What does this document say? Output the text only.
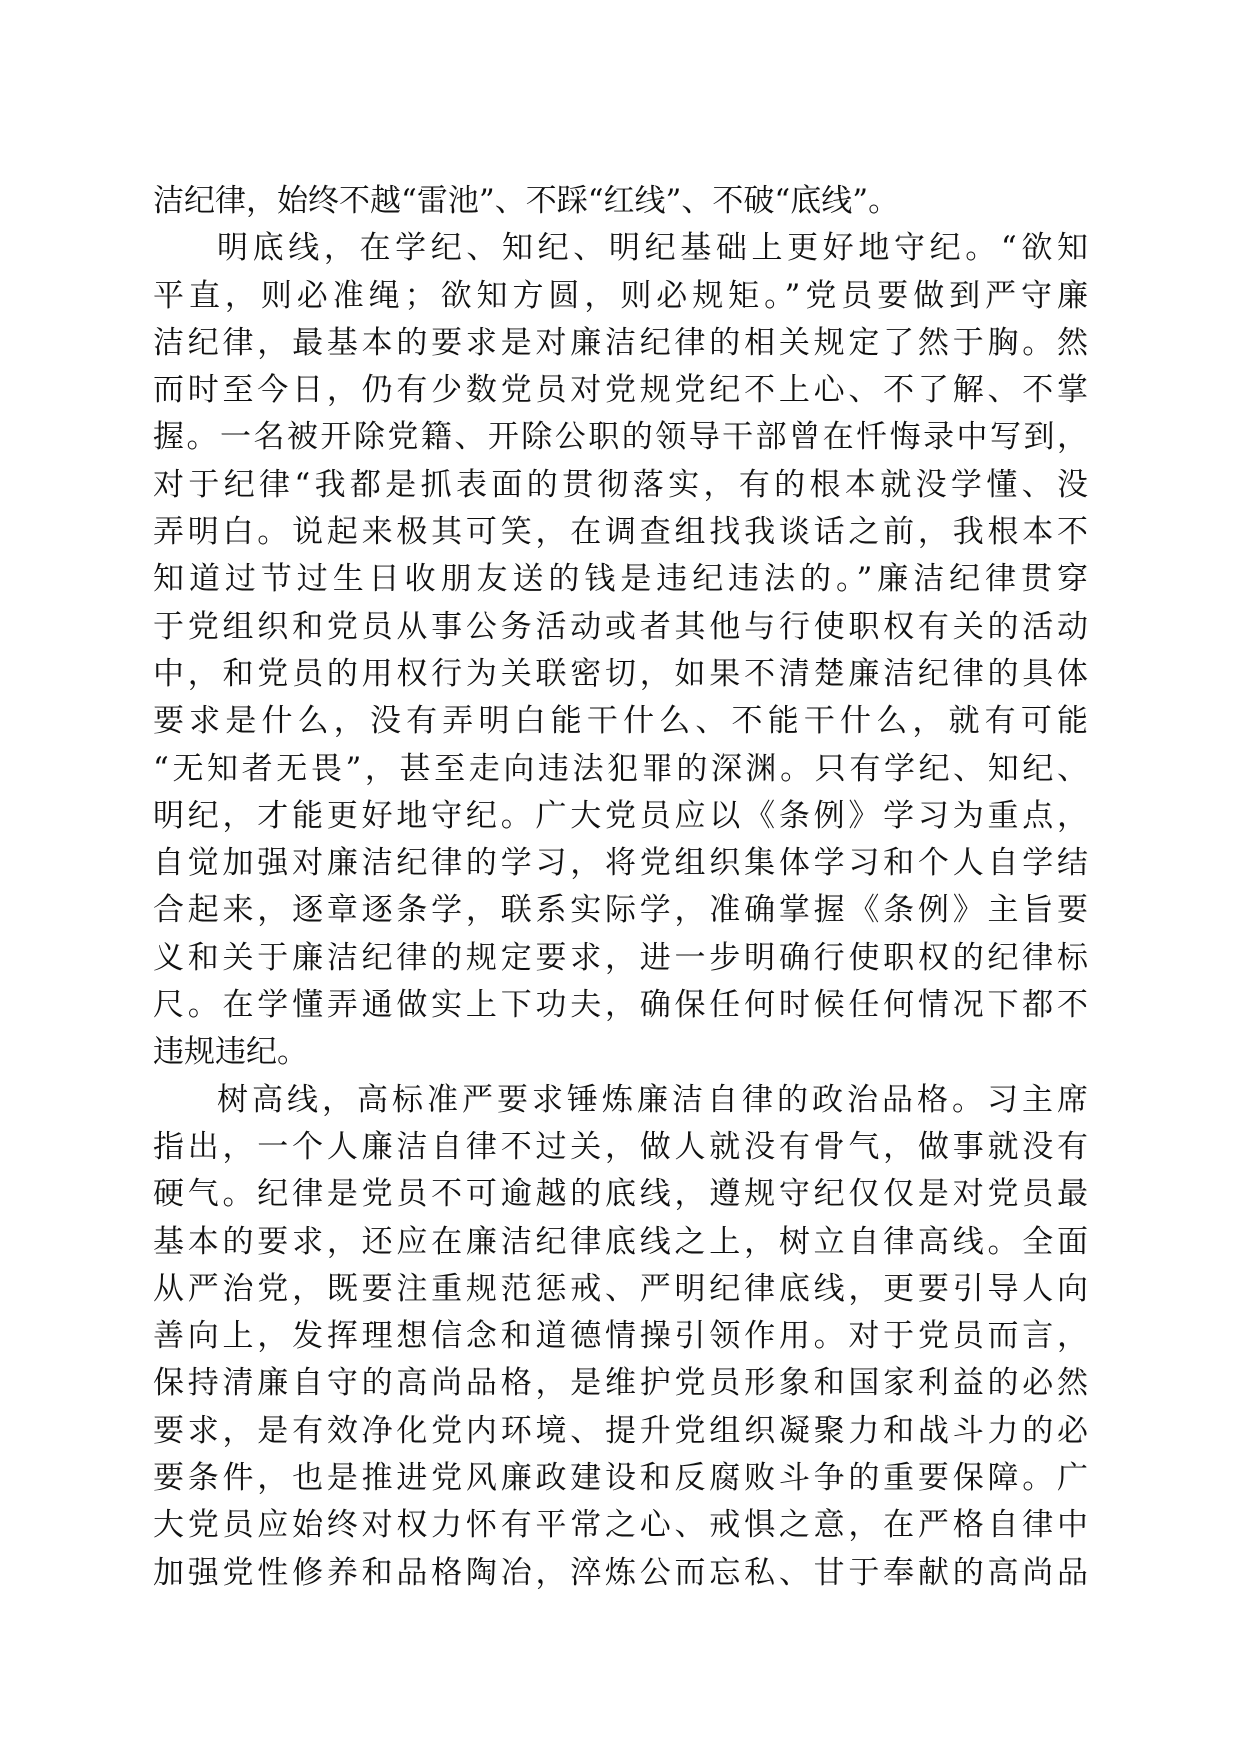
洁纪律，始终不越“雷池”、不踩“红线”、不破“底线”。
明底线，在学纪、知纪、明纪基础上更好地守纪。“欲知
平直，则必准绳；欲知方圆，则必规矩。”党员要做到严守廉
洁纪律，最基本的要求是对廉洁纪律的相关规定了然于胸。然
而时至今日，仍有少数党员对党规党纪不上心、不了解、不掌
握。一名被开除党籍、开除公职的领导干部曾在忏悔录中写到，
对于纪律“我都是抓表面的贯彻落实，有的根本就没学懂、没
弄明白。说起来极其可笑，在调查组找我谈话之前，我根本不
知道过节过生日收朋友送的钱是违纪违法的。”廉洁纪律贯穿
于党组织和党员从事公务活动或者其他与行使职权有关的活动
中，和党员的用权行为关联密切，如果不清楚廉洁纪律的具体
要求是什么，没有弄明白能干什么、不能干什么，就有可能
“无知者无畏”，甚至走向违法犯罪的深渊。只有学纪、知纪、
明纪，才能更好地守纪。广大党员应以《条例》学习为重点，
自觉加强对廉洁纪律的学习，将党组织集体学习和个人自学结
合起来，逐章逐条学，联系实际学，准确掌握《条例》主旨要
义和关于廉洁纪律的规定要求，进一步明确行使职权的纪律标
尺。在学懂弄通做实上下功夫，确保任何时候任何情况下都不
违规违纪。
树高线，高标准严要求锤炼廉洁自律的政治品格。习主席
指出，一个人廉洁自律不过关，做人就没有骨气，做事就没有
硬气。纪律是党员不可逾越的底线，遵规守纪仅仅是对党员最
基本的要求，还应在廉洁纪律底线之上，树立自律高线。全面
从严治党，既要注重规范惩戒、严明纪律底线，更要引导人向
善向上，发挥理想信念和道德情操引领作用。对于党员而言，
保持清廉自守的高尚品格，是维护党员形象和国家利益的必然
要求，是有效净化党内环境、提升党组织凝聚力和战斗力的必
要条件，也是推进党风廉政建设和反腐败斗争的重要保障。广
大党员应始终对权力怀有平常之心、戒惧之意，在严格自律中
加强党性修养和品格陶冶，淬炼公而忘私、甘于奉献的高尚品
